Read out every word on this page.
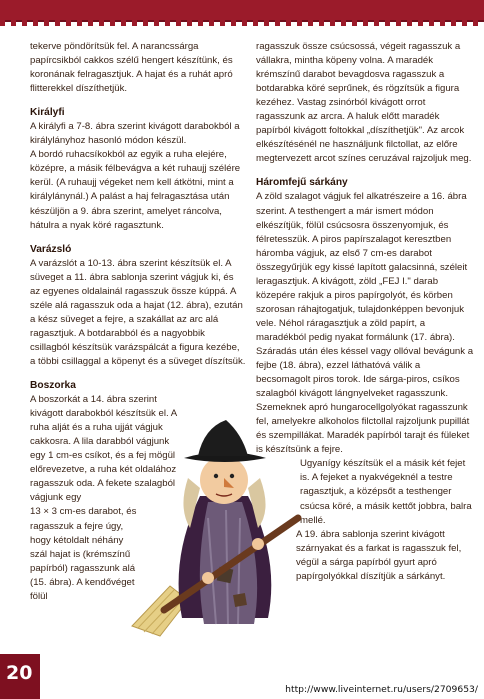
tekerve pöndörítsük fel. A narancssárga papírcsikból cakkos szélű hengert készítünk, és koronának felragasztjuk. A hajat és a ruhát apró flitterekkel díszíthetjük.

Királyfi

A királyfi a 7-8. ábra szerint kivágott darabokból a királylányhoz hasonló módon készül.

A bordó ruhacsíkokból az egyik a ruha elejére, középre, a másik félbevágva a két ruhaujj szélére kerül. (A ruhaujj végeket nem kell átkötni, mint a királylánynál.) A palást a haj felragasztása után készüljön a 9. ábra szerint, amelyet ráncolva, hátulra a nyak köré ragasztunk.

Varázsló

A varázslót a 10-13. ábra szerint készítsük el. A süveget a 11. ábra sablonja szerint vágjuk ki, és az egyenes oldalainál ragasszuk össze kúppá. A széle alá ragasszuk oda a hajat (12. ábra), ezután a kész süveget a fejre, a szakállat az arc alá ragasztjuk. A botdarabból és a nagyobbik csillagból készítsük varázspálcát a figura kezébe, a többi csillaggal a köpenyt és a süveget díszítsük.

Boszorka

A boszorkát a 14. ábra szerint kivágott darabokból készítsük el. A ruha alját és a ruha ujját vágjuk cakkosra. A lila darabból vágjunk egy 1 cm-es csíkot, és a fej mögül előrevezetve, a ruha két oldalához ragasszuk oda. A fekete szalagból vágjunk egy

13 × 3 cm-es darabot, és ragasszuk a fejre úgy, hogy kétoldalt néhány szál hajat is (krémszínű papírból) ragasszunk alá (15. ábra). A kendővéget fölül

ragasszuk össze csúcsossá, végeit ragasszuk a vállakra, mintha köpeny volna. A maradék krémszínű darabot bevagdosva ragasszuk a botdarabka köré seprűnek, és rögzítsük a figura kezéhez. Vastag zsinórból kivágott orrot ragasszunk az arcra. A haluk előtt maradék papírból kivágott foltokkal „díszíthetjük". Az arcok elkészítésénél ne használjunk filctollat, az előre megtervezett arcot színes ceruzával rajzoljuk meg.

Háromfejű sárkány

A zöld szalagot vágjuk fel alkatrészeire a 16. ábra szerint. A testhengert a már ismert módon elkészítjük, fölül csúcsosra összenyomjuk, és félretesszük. A piros papírszalagot keresztben háromba vágjuk, az első 7 cm-es darabot összegyűrjük egy kissé lapított galacsinná, széleit leragasztjuk. A kivágott, zöld „FEJ I." darab közepére rakjuk a piros papírgolyót, és körben szorosan ráhajtogatjuk, tulajdonképpen bevonjuk vele. Néhol ráragasztjuk a zöld papírt, a maradékból pedig nyakat formálunk (17. ábra). Száradás után éles késsel vagy ollóval bevágunk a fejbe (18. ábra), ezzel láthatóvá válik a becsomagolt piros torok. Ide sárga-piros, csíkos szalagból kivágott lángnyelveket ragasszunk. Szemeknek apró hungarocellgolyókat ragasszunk fel, amelyekre alkoholos filctollal rajzoljunk pupillát és szempillákat. Maradék papírból tarajt és füleket is készítsünk a fejre.

Ugyanígy készítsük el a másik két fejet is. A fejeket a nyakvégeknél a testre ragasztjuk, a középsőt a testhenger csúcsa köré, a másik kettőt jobbra, balra mellé.

A 19. ábra sablonja szerint kivágott szárnyakat és a farkat is ragasszuk fel, végül a sárga papírból gyurt apró papírgolyókkal díszítjük a sárkányt.

20
http://www.liveinternet.ru/users/2709653/
